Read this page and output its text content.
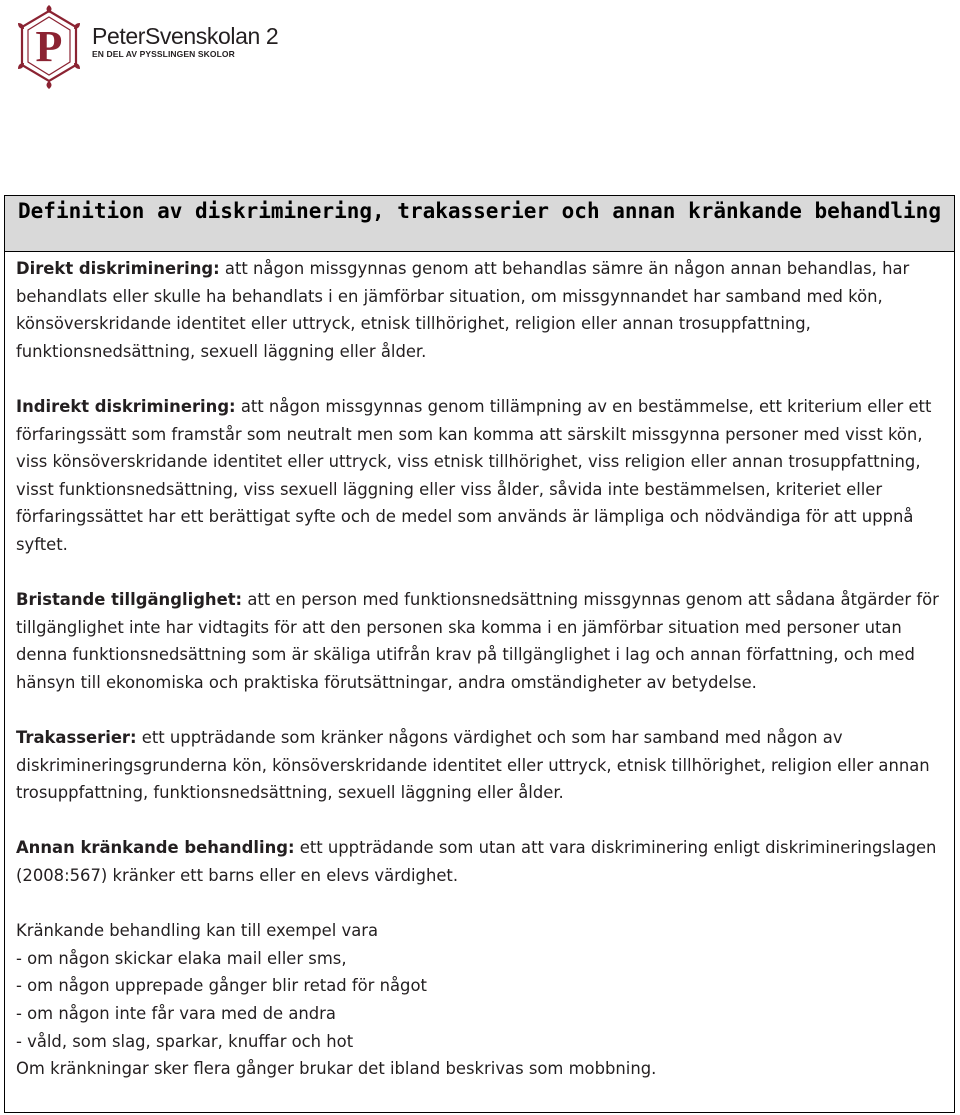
P PeterSvenskolan 2
EN DEL AV PYSSLINGEN SKOLOR
Definition av diskriminering, trakasserier och annan kränkande behandling

Direkt diskriminering: att någon missgynnas genom att behandlas sämre än någon annan behandlas, har behandlats eller skulle ha behandlats i en jämförbar situation, om missgynnandet har samband med kön, könsöverskridande identitet eller uttryck, etnisk tillhörighet, religion eller annan trosuppfattning, funktionsnedsättning, sexuell läggning eller ålder.

Indirekt diskriminering: att någon missgynnas genom tillämpning av en bestämmelse, ett kriterium eller ett förfaringssätt som framstår som neutralt men som kan komma att särskilt missgynna personer med visst kön, viss könsöverskridande identitet eller uttryck, viss etnisk tillhörighet, viss religion eller annan trosuppfattning, visst funktionsnedsättning, viss sexuell läggning eller viss ålder, såvida inte bestämmelsen, kriteriet eller förfaringssättet har ett berättigat syfte och de medel som används är lämpliga och nödvändiga för att uppnå syftet.

Bristande tillgänglighet: att en person med funktionsnedsättning missgynnas genom att sådana åtgärder för tillgänglighet inte har vidtagits för att den personen ska komma i en jämförbar situation med personer utan denna funktionsnedsättning som är skäliga utifrån krav på tillgänglighet i lag och annan författning, och med hänsyn till ekonomiska och praktiska förutsättningar, andra omständigheter av betydelse.

Trakasserier: ett uppträdande som kränker någons värdighet och som har samband med någon av diskrimineringsgrunderna kön, könsöverskridande identitet eller uttryck, etnisk tillhörighet, religion eller annan trosuppfattning, funktionsnedsättning, sexuell läggning eller ålder.

Annan kränkande behandling: ett uppträdande som utan att vara diskriminering enligt diskrimineringslagen (2008:567) kränker ett barns eller en elevs värdighet.

Kränkande behandling kan till exempel vara
- om någon skickar elaka mail eller sms,
- om någon upprepade gånger blir retad för något
- om någon inte får vara med de andra
- våld, som slag, sparkar, knuffar och hot
Om kränkningar sker flera gånger brukar det ibland beskrivas som mobbning.
